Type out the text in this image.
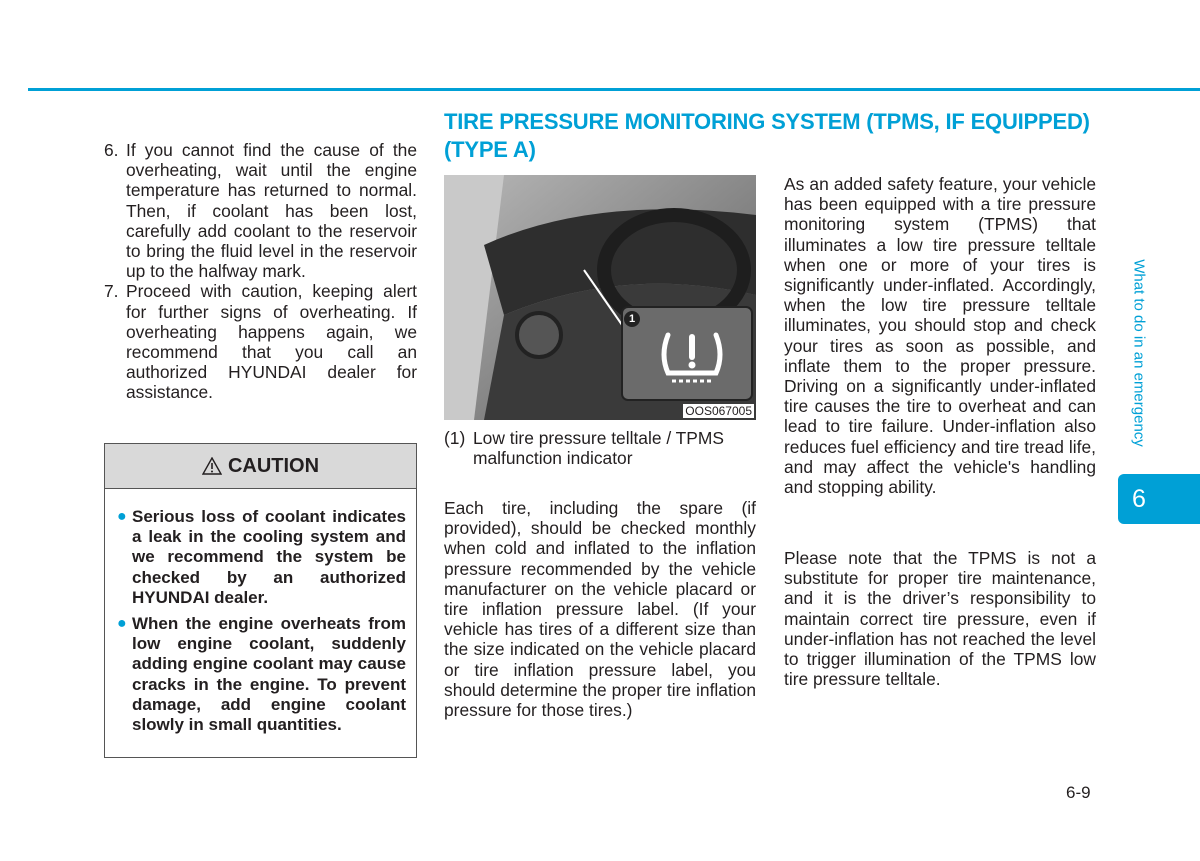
6. If you cannot find the cause of the overheating, wait until the engine temperature has returned to normal. Then, if coolant has been lost, carefully add coolant to the reservoir to bring the fluid level in the reservoir up to the halfway mark.
7. Proceed with caution, keeping alert for further signs of overheating. If overheating happens again, we recommend that you call an authorized HYUNDAI dealer for assistance.
CAUTION
● Serious loss of coolant indicates a leak in the cooling system and we recommend the system be checked by an authorized HYUNDAI dealer.
● When the engine overheats from low engine coolant, suddenly adding engine coolant may cause cracks in the engine. To prevent damage, add engine coolant slowly in small quantities.
TIRE PRESSURE MONITORING SYSTEM (TPMS, IF EQUIPPED) (TYPE A)
1
OOS067005
(1) Low tire pressure telltale / TPMS malfunction indicator
Each tire, including the spare (if provided), should be checked monthly when cold and inflated to the inflation pressure recommended by the vehicle manufacturer on the vehicle placard or tire inflation pressure label. (If your vehicle has tires of a different size than the size indicated on the vehicle placard or tire inflation pressure label, you should determine the proper tire inflation pressure for those tires.)
As an added safety feature, your vehicle has been equipped with a tire pressure monitoring system (TPMS) that illuminates a low tire pressure telltale when one or more of your tires is significantly under-inflated. Accordingly, when the low tire pressure telltale illuminates, you should stop and check your tires as soon as possible, and inflate them to the proper pressure. Driving on a significantly under-inflated tire causes the tire to overheat and can lead to tire failure. Under-inflation also reduces fuel efficiency and tire tread life, and may affect the vehicle's handling and stopping ability.
Please note that the TPMS is not a substitute for proper tire maintenance, and it is the driver’s responsibility to maintain correct tire pressure, even if under-inflation has not reached the level to trigger illumination of the TPMS low tire pressure telltale.
What to do in an emergency
6
6-9
